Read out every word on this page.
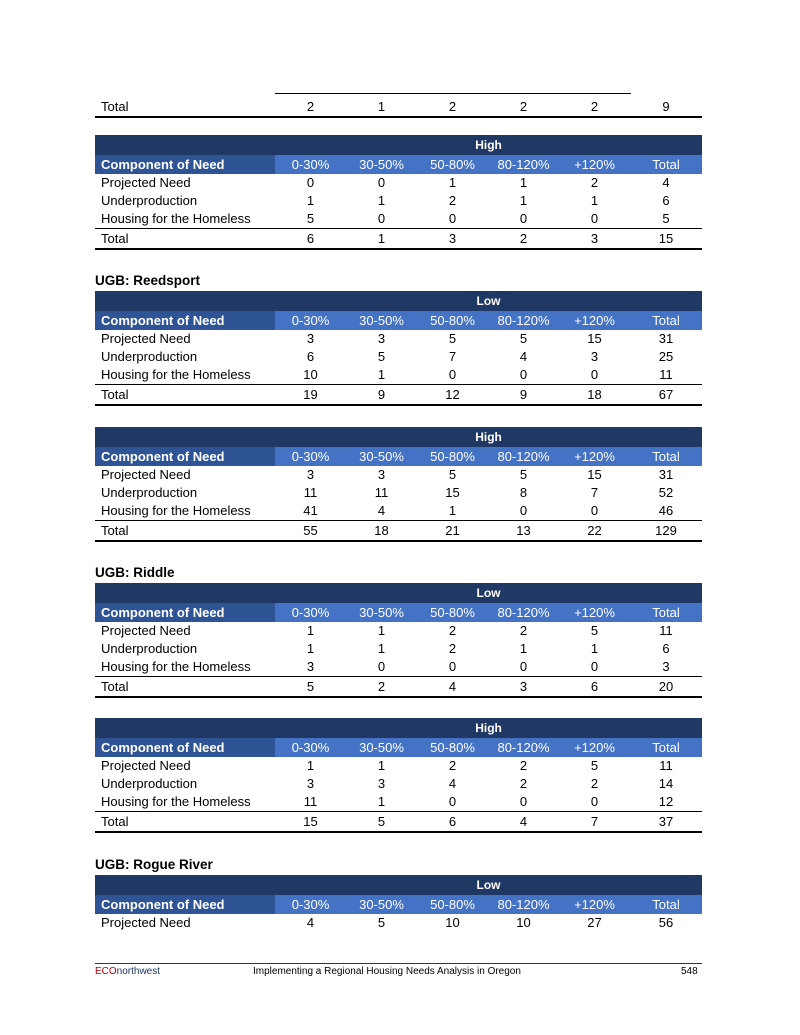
Total	2	1	2	2	2	9
	High					
Component of Need	0-30%	30-50%	50-80%	80-120%	+120%	Total
Projected Need	0	0	1	1	2	4
Underproduction	1	1	2	1	1	6
Housing for the Homeless	5	0	0	0	0	5
Total	6	1	3	2	3	15
UGB: Reedsport
	Low					
Component of Need	0-30%	30-50%	50-80%	80-120%	+120%	Total
Projected Need	3	3	5	5	15	31
Underproduction	6	5	7	4	3	25
Housing for the Homeless	10	1	0	0	0	11
Total	19	9	12	9	18	67
	High					
Component of Need	0-30%	30-50%	50-80%	80-120%	+120%	Total
Projected Need	3	3	5	5	15	31
Underproduction	11	11	15	8	7	52
Housing for the Homeless	41	4	1	0	0	46
Total	55	18	21	13	22	129
UGB: Riddle
	Low					
Component of Need	0-30%	30-50%	50-80%	80-120%	+120%	Total
Projected Need	1	1	2	2	5	11
Underproduction	1	1	2	1	1	6
Housing for the Homeless	3	0	0	0	0	3
Total	5	2	4	3	6	20
	High					
Component of Need	0-30%	30-50%	50-80%	80-120%	+120%	Total
Projected Need	1	1	2	2	5	11
Underproduction	3	3	4	2	2	14
Housing for the Homeless	11	1	0	0	0	12
Total	15	5	6	4	7	37
UGB: Rogue River
	Low					
Component of Need	0-30%	30-50%	50-80%	80-120%	+120%	Total
Projected Need	4	5	10	10	27	56
ECOnorthwest	Implementing a Regional Housing Needs Analysis in Oregon	548
